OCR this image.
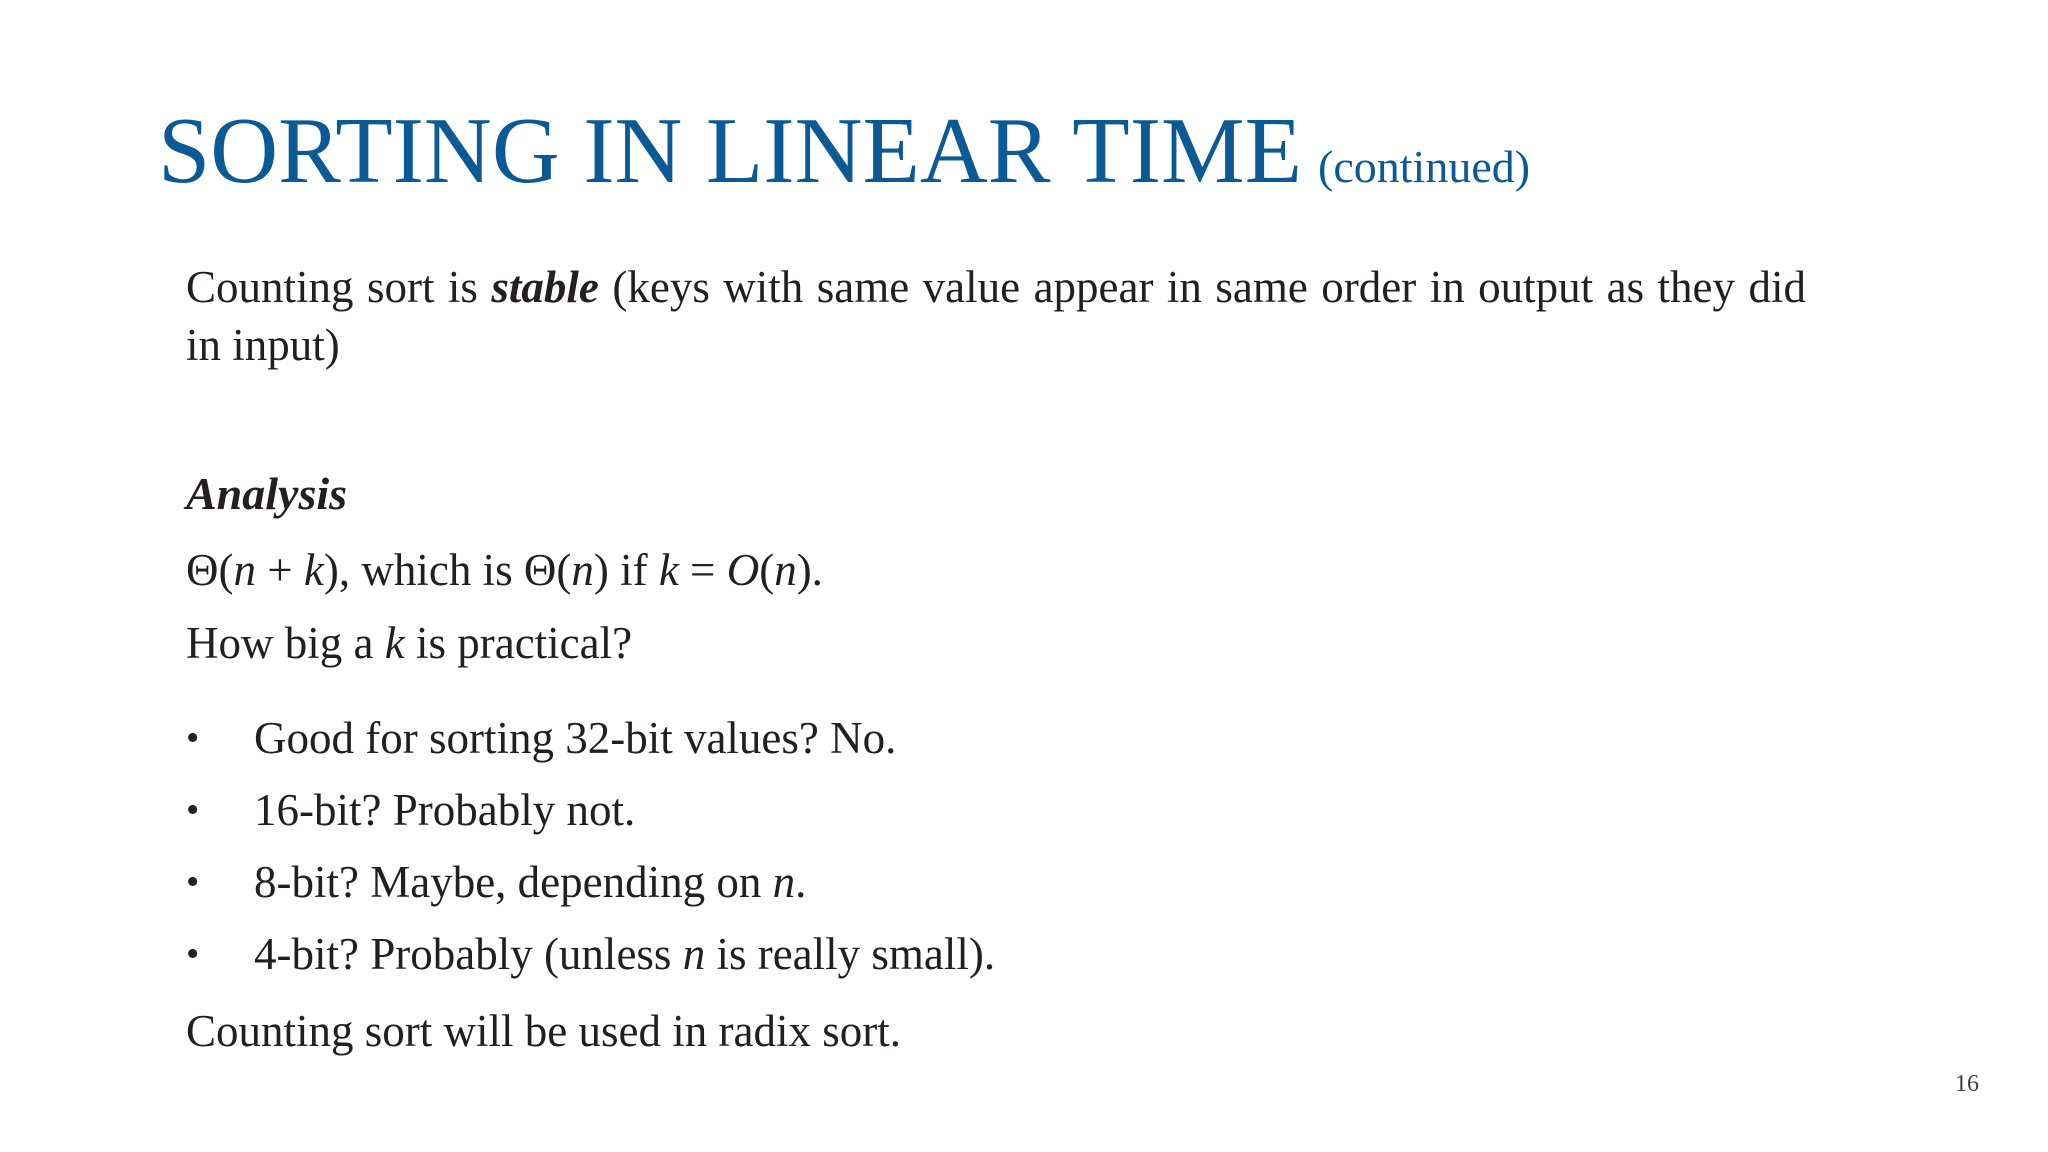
SORTING IN LINEAR TIME (continued)

Counting sort is stable (keys with same value appear in same order in output as they did in input)

Analysis

Θ(n + k), which is Θ(n) if k = O(n).

How big a k is practical?

•	Good for sorting 32-bit values? No.
•	16-bit? Probably not.
•	8-bit? Maybe, depending on n.
•	4-bit? Probably (unless n is really small).

Counting sort will be used in radix sort.

16
